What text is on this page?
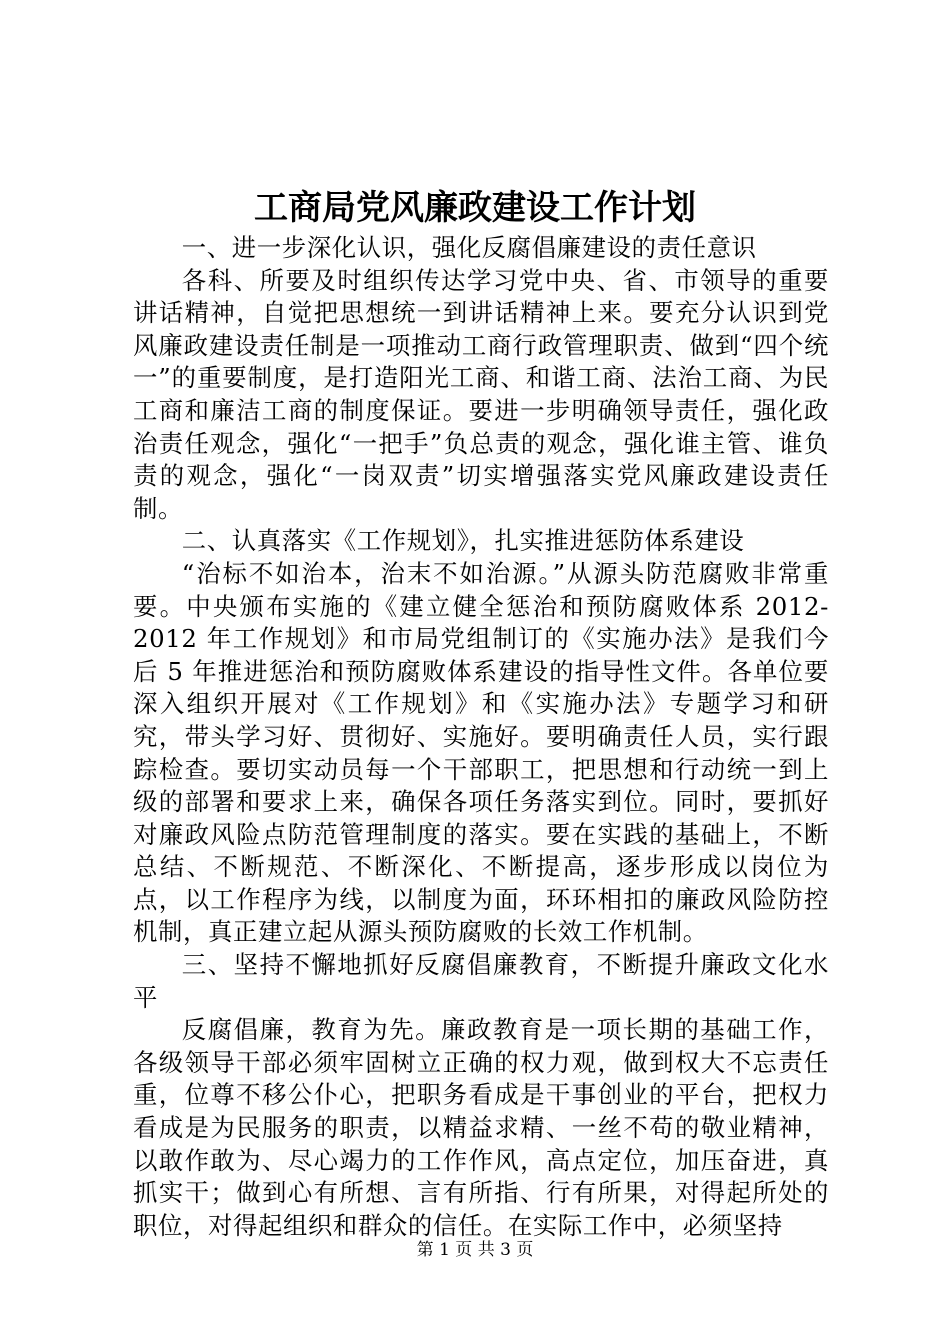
工商局党风廉政建设工作计划

一、进一步深化认识，强化反腐倡廉建设的责任意识

各科、所要及时组织传达学习党中央、省、市领导的重要讲话精神，自觉把思想统一到讲话精神上来。要充分认识到党风廉政建设责任制是一项推动工商行政管理职责、做到“四个统一”的重要制度，是打造阳光工商、和谐工商、法治工商、为民工商和廉洁工商的制度保证。要进一步明确领导责任，强化政治责任观念，强化“一把手”负总责的观念，强化谁主管、谁负责的观念，强化“一岗双责”切实增强落实党风廉政建设责任制。

二、认真落实《工作规划》，扎实推进惩防体系建设

“治标不如治本，治末不如治源。”从源头防范腐败非常重要。中央颁布实施的《建立健全惩治和预防腐败体系 2012-2012 年工作规划》和市局党组制订的《实施办法》是我们今后 5 年推进惩治和预防腐败体系建设的指导性文件。各单位要深入组织开展对《工作规划》和《实施办法》专题学习和研究，带头学习好、贯彻好、实施好。要明确责任人员，实行跟踪检查。要切实动员每一个干部职工，把思想和行动统一到上级的部署和要求上来，确保各项任务落实到位。同时，要抓好对廉政风险点防范管理制度的落实。要在实践的基础上，不断总结、不断规范、不断深化、不断提高，逐步形成以岗位为点，以工作程序为线，以制度为面，环环相扣的廉政风险防控机制，真正建立起从源头预防腐败的长效工作机制。

三、坚持不懈地抓好反腐倡廉教育，不断提升廉政文化水平

反腐倡廉，教育为先。廉政教育是一项长期的基础工作，各级领导干部必须牢固树立正确的权力观，做到权大不忘责任重，位尊不移公仆心，把职务看成是干事创业的平台，把权力看成是为民服务的职责，以精益求精、一丝不苟的敬业精神，以敢作敢为、尽心竭力的工作作风，高点定位，加压奋进，真抓实干；做到心有所想、言有所指、行有所果，对得起所处的职位，对得起组织和群众的信任。在实际工作中，必须坚持

第 1 页 共 3 页
